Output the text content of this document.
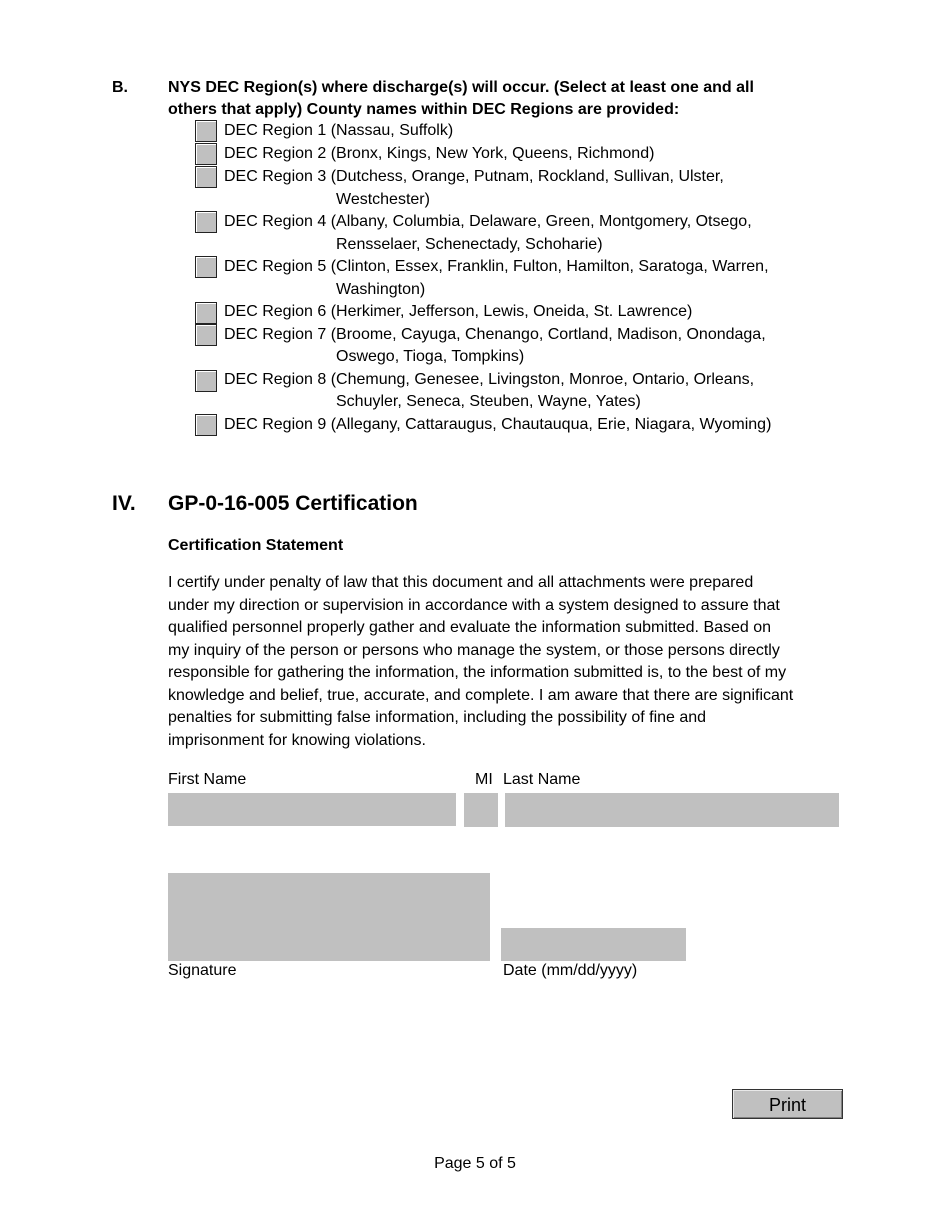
B.	NYS DEC Region(s) where discharge(s) will occur. (Select at least one and all
others that apply) County names within DEC Regions are provided:
DEC Region 1 (Nassau, Suffolk)
DEC Region 2 (Bronx, Kings, New York, Queens, Richmond)
DEC Region 3 (Dutchess, Orange, Putnam, Rockland, Sullivan, Ulster,
Westchester)
DEC Region 4 (Albany, Columbia, Delaware, Green, Montgomery, Otsego,
Rensselaer, Schenectady, Schoharie)
DEC Region 5 (Clinton, Essex, Franklin, Fulton, Hamilton, Saratoga, Warren,
Washington)
DEC Region 6 (Herkimer, Jefferson, Lewis, Oneida, St. Lawrence)
DEC Region 7 (Broome, Cayuga, Chenango, Cortland, Madison, Onondaga,
Oswego, Tioga, Tompkins)
DEC Region 8 (Chemung, Genesee, Livingston, Monroe, Ontario, Orleans,
Schuyler, Seneca, Steuben, Wayne, Yates)
DEC Region 9 (Allegany, Cattaraugus, Chautauqua, Erie, Niagara, Wyoming)
IV. GP-0-16-005 Certification
Certification Statement
I certify under penalty of law that this document and all attachments were prepared
under my direction or supervision in accordance with a system designed to assure that
qualified personnel properly gather and evaluate the information submitted. Based on
my inquiry of the person or persons who manage the system, or those persons directly
responsible for gathering the information, the information submitted is, to the best of my
knowledge and belief, true, accurate, and complete. I am aware that there are significant
penalties for submitting false information, including the possibility of fine and
imprisonment for knowing violations.
First Name	MI Last Name
Signature	Date (mm/dd/yyyy)
Print
Page 5 of 5
